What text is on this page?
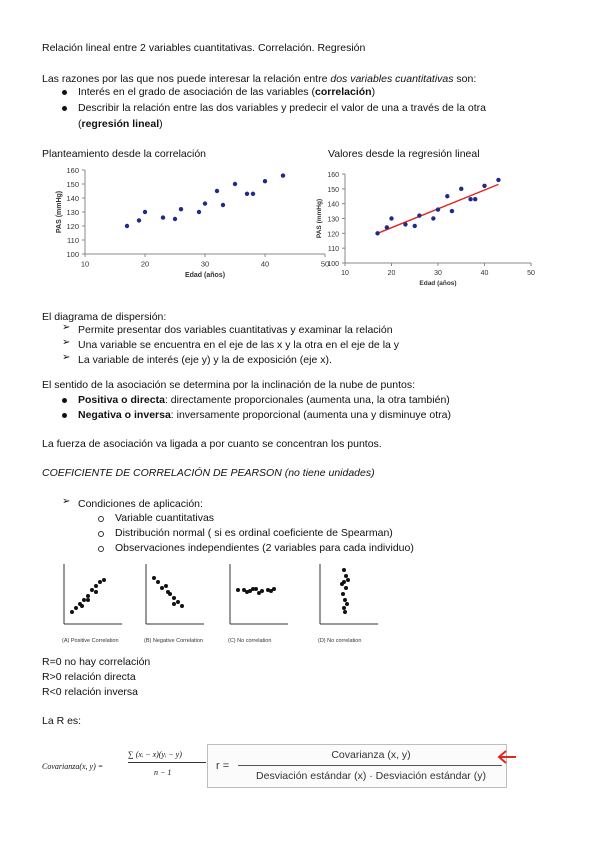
Relación lineal entre 2 variables cuantitativas. Correlación. Regresión
Las razones por las que nos puede interesar la relación entre dos variables cuantitativas son:
Interés en el grado de asociación de las variables (correlación)
Describir la relación entre las dos variables y predecir el valor de una a través de la otra
(regresión lineal)
Planteamiento desde la correlación	Valores desde la regresión lineal
100
110
120
130
140
150
160
10	20	30	40	50
Edad (años)
PAS (mmHg)
100
110
120
130
140
150
160
10	20	30	40	50
Edad (años)
PAS (mmHg)
El diagrama de dispersión:
➢ Permite presentar dos variables cuantitativas y examinar la relación
➢ Una variable se encuentra en el eje de las x y la otra en el eje de la y
➢ La variable de interés (eje y) y la de exposición (eje x).
El sentido de la asociación se determina por la inclinación de la nube de puntos:
Positiva o directa: directamente proporcionales (aumenta una, la otra también)
Negativa o inversa: inversamente proporcional (aumenta una y disminuye otra)
La fuerza de asociación va ligada a por cuanto se concentran los puntos.
COEFICIENTE DE CORRELACIÓN DE PEARSON (no tiene unidades)
➢ Condiciones de aplicación:
Variable cuantitativas
Distribución normal ( si es ordinal coeficiente de Spearman)
Observaciones independientes (2 variables para cada individuo)
(A) Positive Correlation	(B) Negative Correlation	(C) No correlation	(D) No correlation
R=0 no hay correlación
R>0 relación directa
R<0 relación inversa
La R es:
Covarianza(x, y) =
∑ (xᵢ − x)(yᵢ − y)
n − 1
r =
Covarianza (x, y)
Desviación estándar (x) · Desviación estándar (y)
